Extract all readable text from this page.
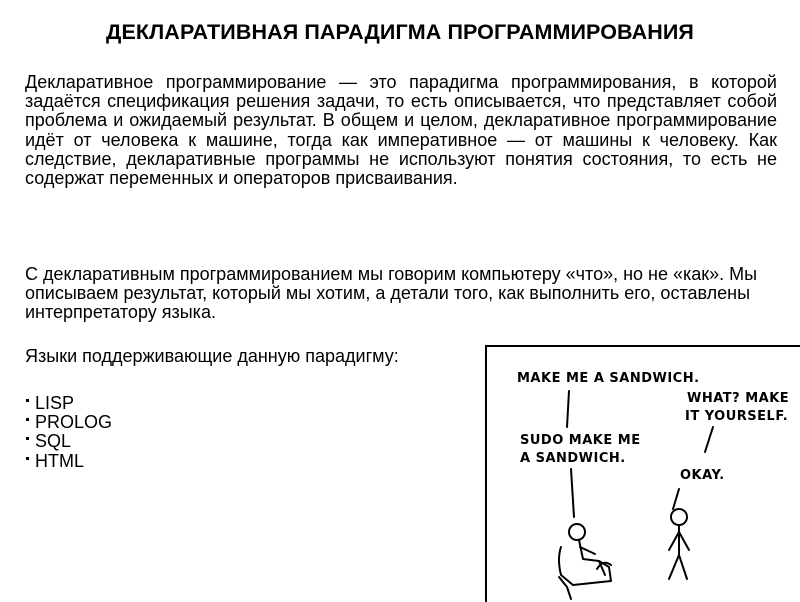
ДЕКЛАРАТИВНАЯ ПАРАДИГМА ПРОГРАММИРОВАНИЯ
Декларативное программирование — это парадигма программирования, в которой задаётся спецификация решения задачи, то есть описывается, что представляет собой проблема и ожидаемый результат. В общем и целом, декларативное программирование идёт от человека к машине, тогда как императивное — от машины к человеку. Как следствие, декларативные программы не используют понятия состояния, то есть не содержат переменных и операторов присваивания.
С декларативным программированием мы говорим компьютеру «что», но не «как». Мы описываем результат, который мы хотим, а детали того, как выполнить его, оставлены интерпретатору языка.
Языки поддерживающие данную парадигму:
LISP
PROLOG
SQL
HTML
MAKE ME A SANDWICH.
WHAT? MAKE
IT YOURSELF.
SUDO MAKE ME
A SANDWICH.
OKAY.
